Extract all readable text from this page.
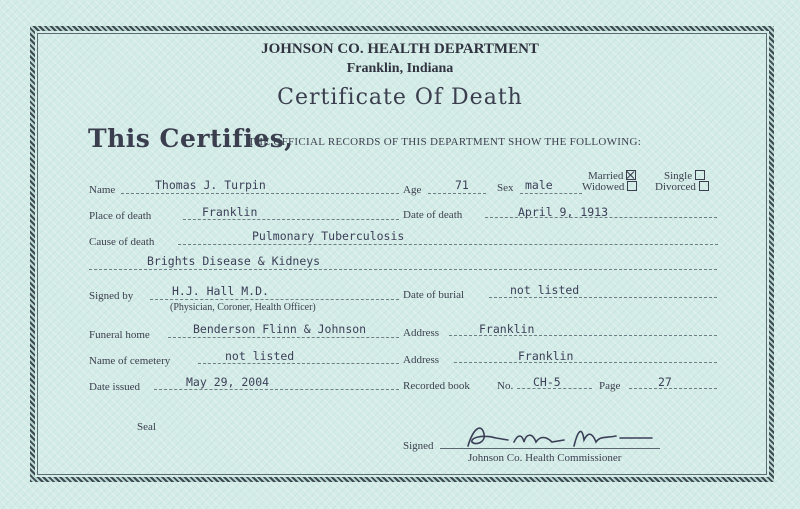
JOHNSON CO. HEALTH DEPARTMENT
Franklin, Indiana
Certificate Of Death
This Certifies,
THE OFFICIAL RECORDS OF THIS DEPARTMENT SHOW THE FOLLOWING:
Name	Thomas J. Turpin	Age	71	Sex male
Married	Single
Widowed	Divorced
Place of death	Franklin	Date of death	April 9, 1913
Cause of death	Pulmonary Tuberculosis
Brights Disease & Kidneys
Signed by	H.J. Hall M.D.
(Physician, Coroner, Health Officer)
Date of burial	not listed
Funeral home	Benderson Flinn & Johnson	Address	Franklin
Name of cemetery	not listed	Address	Franklin
Date issued	May 29, 2004	Recorded book No. CH-5	Page	27
Seal
Signed
Johnson Co. Health Commissioner
